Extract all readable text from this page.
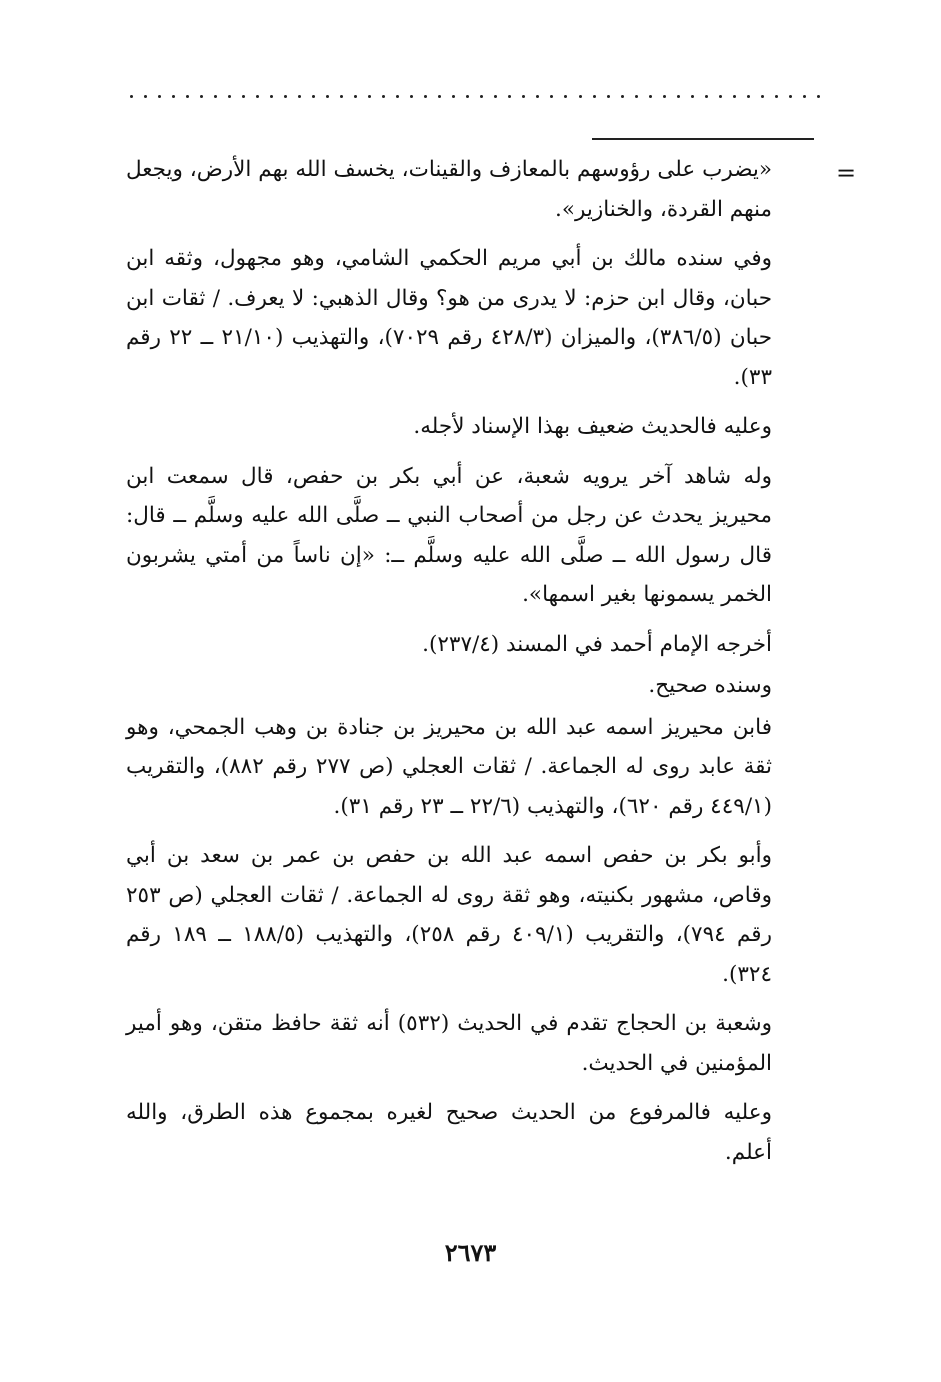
=

«يضرب على رؤوسهم بالمعازف والقينات، يخسف الله بهم الأرض، ويجعل منهم القردة، والخنازير».

وفي سنده مالك بن أبي مريم الحكمي الشامي، وهو مجهول، وثقه ابن حبان، وقال ابن حزم: لا يدرى من هو؟ وقال الذهبي: لا يعرف. / ثقات ابن حبان (٣٨٦/٥)، والميزان (٤٢٨/٣ رقم ٧٠٢٩)، والتهذيب (٢١/١٠ ــ ٢٢ رقم ٣٣).

وعليه فالحديث ضعيف بهذا الإسناد لأجله.

وله شاهد آخر يرويه شعبة، عن أبي بكر بن حفص، قال سمعت ابن محيريز يحدث عن رجل من أصحاب النبي ــ صلَّى الله عليه وسلَّم ــ قال: قال رسول الله ــ صلَّى الله عليه وسلَّم ــ: «إن ناساً من أمتي يشربون الخمر يسمونها بغير اسمها».

أخرجه الإمام أحمد في المسند (٢٣٧/٤).

وسنده صحيح.

فابن محيريز اسمه عبد الله بن محيريز بن جنادة بن وهب الجمحي، وهو ثقة عابد روى له الجماعة. / ثقات العجلي (ص ٢٧٧ رقم ٨٨٢)، والتقريب (٤٤٩/١ رقم ٦٢٠)، والتهذيب (٢٢/٦ ــ ٢٣ رقم ٣١).

وأبو بكر بن حفص اسمه عبد الله بن حفص بن عمر بن سعد بن أبي وقاص، مشهور بكنيته، وهو ثقة روى له الجماعة. / ثقات العجلي (ص ٢٥٣ رقم ٧٩٤)، والتقريب (٤٠٩/١ رقم ٢٥٨)، والتهذيب (١٨٨/٥ ــ ١٨٩ رقم ٣٢٤).

وشعبة بن الحجاج تقدم في الحديث (٥٣٢) أنه ثقة حافظ متقن، وهو أمير المؤمنين في الحديث.

وعليه فالمرفوع من الحديث صحيح لغيره بمجموع هذه الطرق، والله أعلم.

٢٦٧٣
